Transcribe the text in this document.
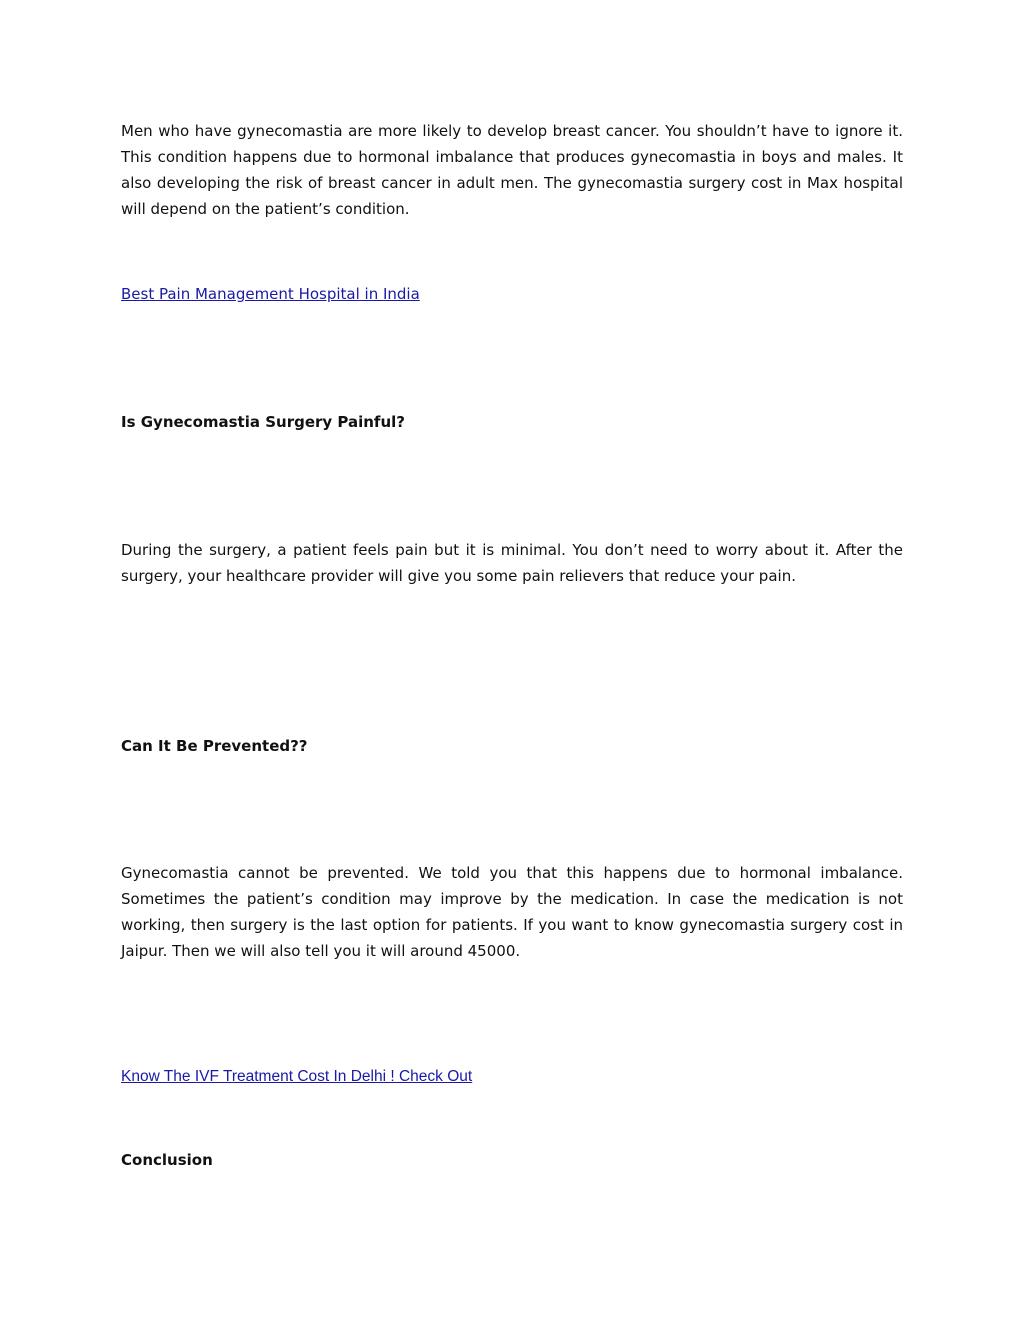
Men who have gynecomastia are more likely to develop breast cancer. You shouldn’t have to ignore it. This condition happens due to hormonal imbalance that produces gynecomastia in boys and males. It also developing the risk of breast cancer in adult men. The gynecomastia surgery cost in Max hospital will depend on the patient’s condition.

Best Pain Management Hospital in India
Is Gynecomastia Surgery Painful?

During the surgery, a patient feels pain but it is minimal. You don’t need to worry about it. After the surgery, your healthcare provider will give you some pain relievers that reduce your pain.

Can It Be Prevented??

Gynecomastia cannot be prevented. We told you that this happens due to hormonal imbalance. Sometimes the patient’s condition may improve by the medication. In case the medication is not working, then surgery is the last option for patients. If you want to know gynecomastia surgery cost in Jaipur. Then we will also tell you it will around 45000.

Know The IVF Treatment Cost In Delhi ! Check Out
Conclusion
